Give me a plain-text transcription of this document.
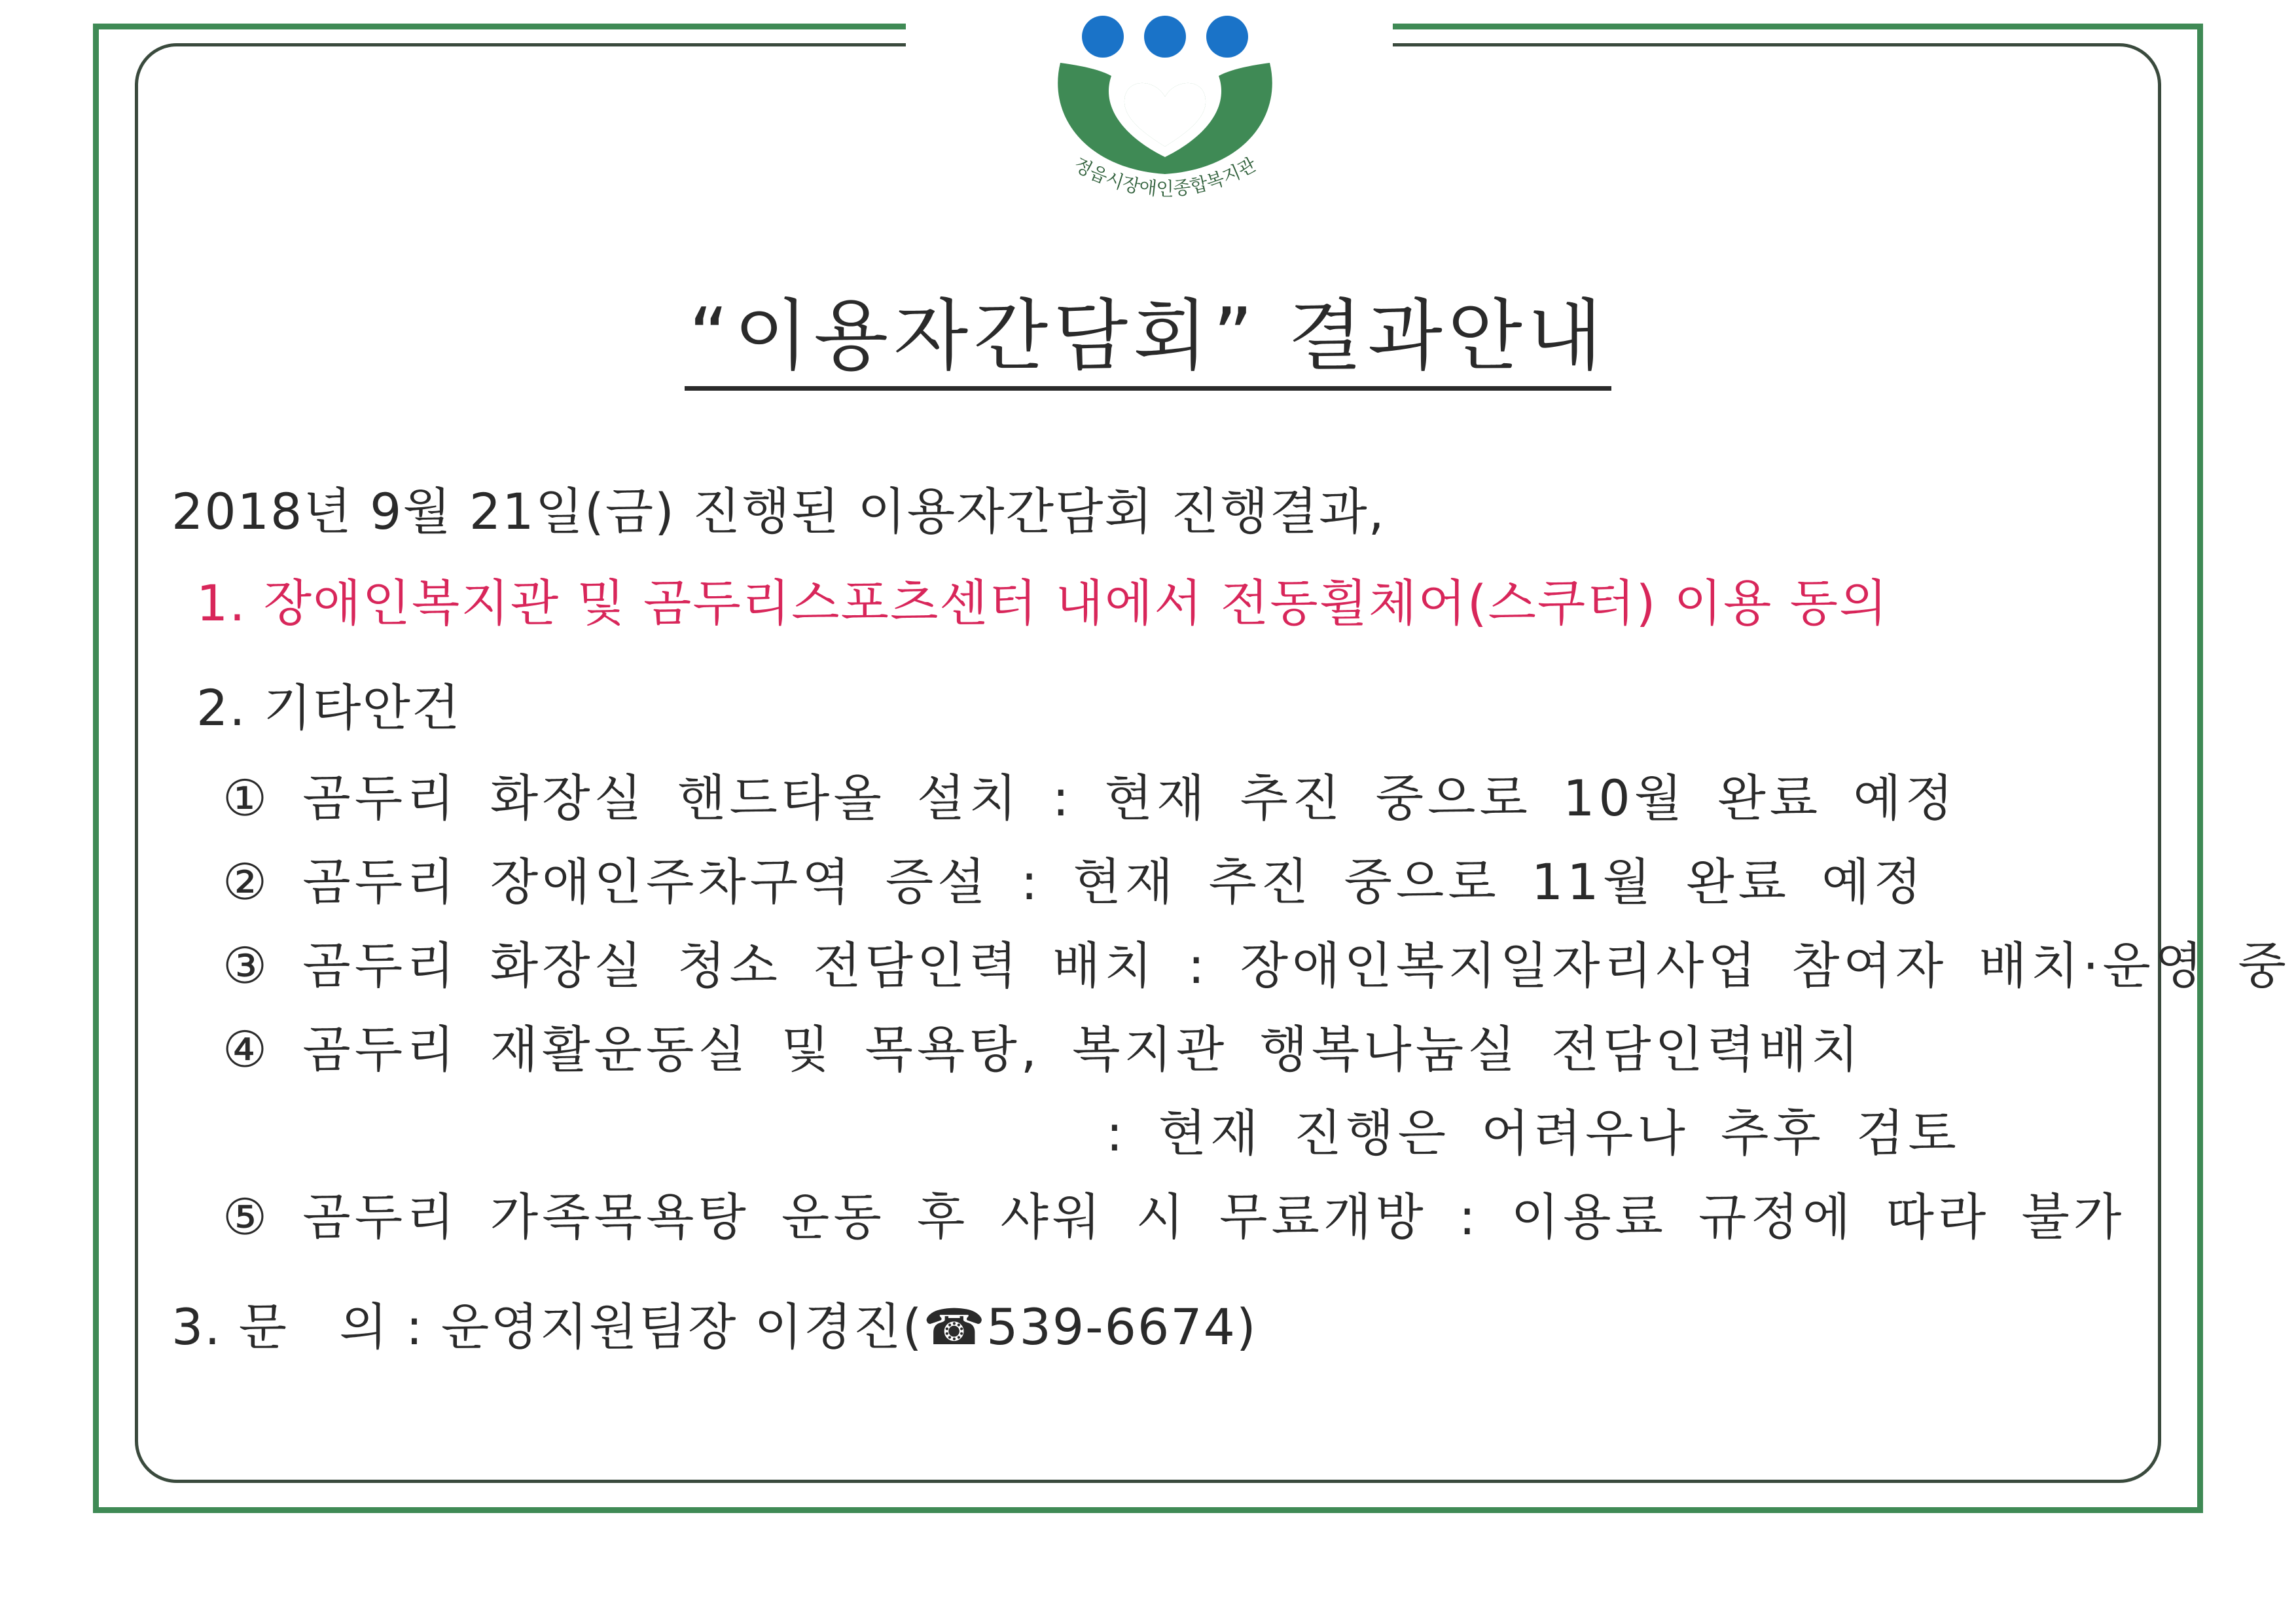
정읍시장애인종합복지관
“이용자간담회” 결과안내
2018년 9월 21일(금) 진행된 이용자간담회 진행결과,
1. 장애인복지관 및 곰두리스포츠센터 내에서 전동휠체어(스쿠터) 이용 동의
2. 기타안건
① 곰두리 화장실 핸드타올 설치 : 현재 추진 중으로 10월 완료 예정
② 곰두리 장애인주차구역 증설 : 현재 추진 중으로 11월 완료 예정
③ 곰두리 화장실 청소 전담인력 배치 : 장애인복지일자리사업 참여자 배치·운영 중
④ 곰두리 재활운동실 및 목욕탕, 복지관 행복나눔실 전담인력배치
: 현재 진행은 어려우나 추후 검토
⑤ 곰두리 가족목욕탕 운동 후 샤워 시 무료개방 : 이용료 규정에 따라 불가
3. 문   의 : 운영지원팀장 이경진(☎539-6674)
